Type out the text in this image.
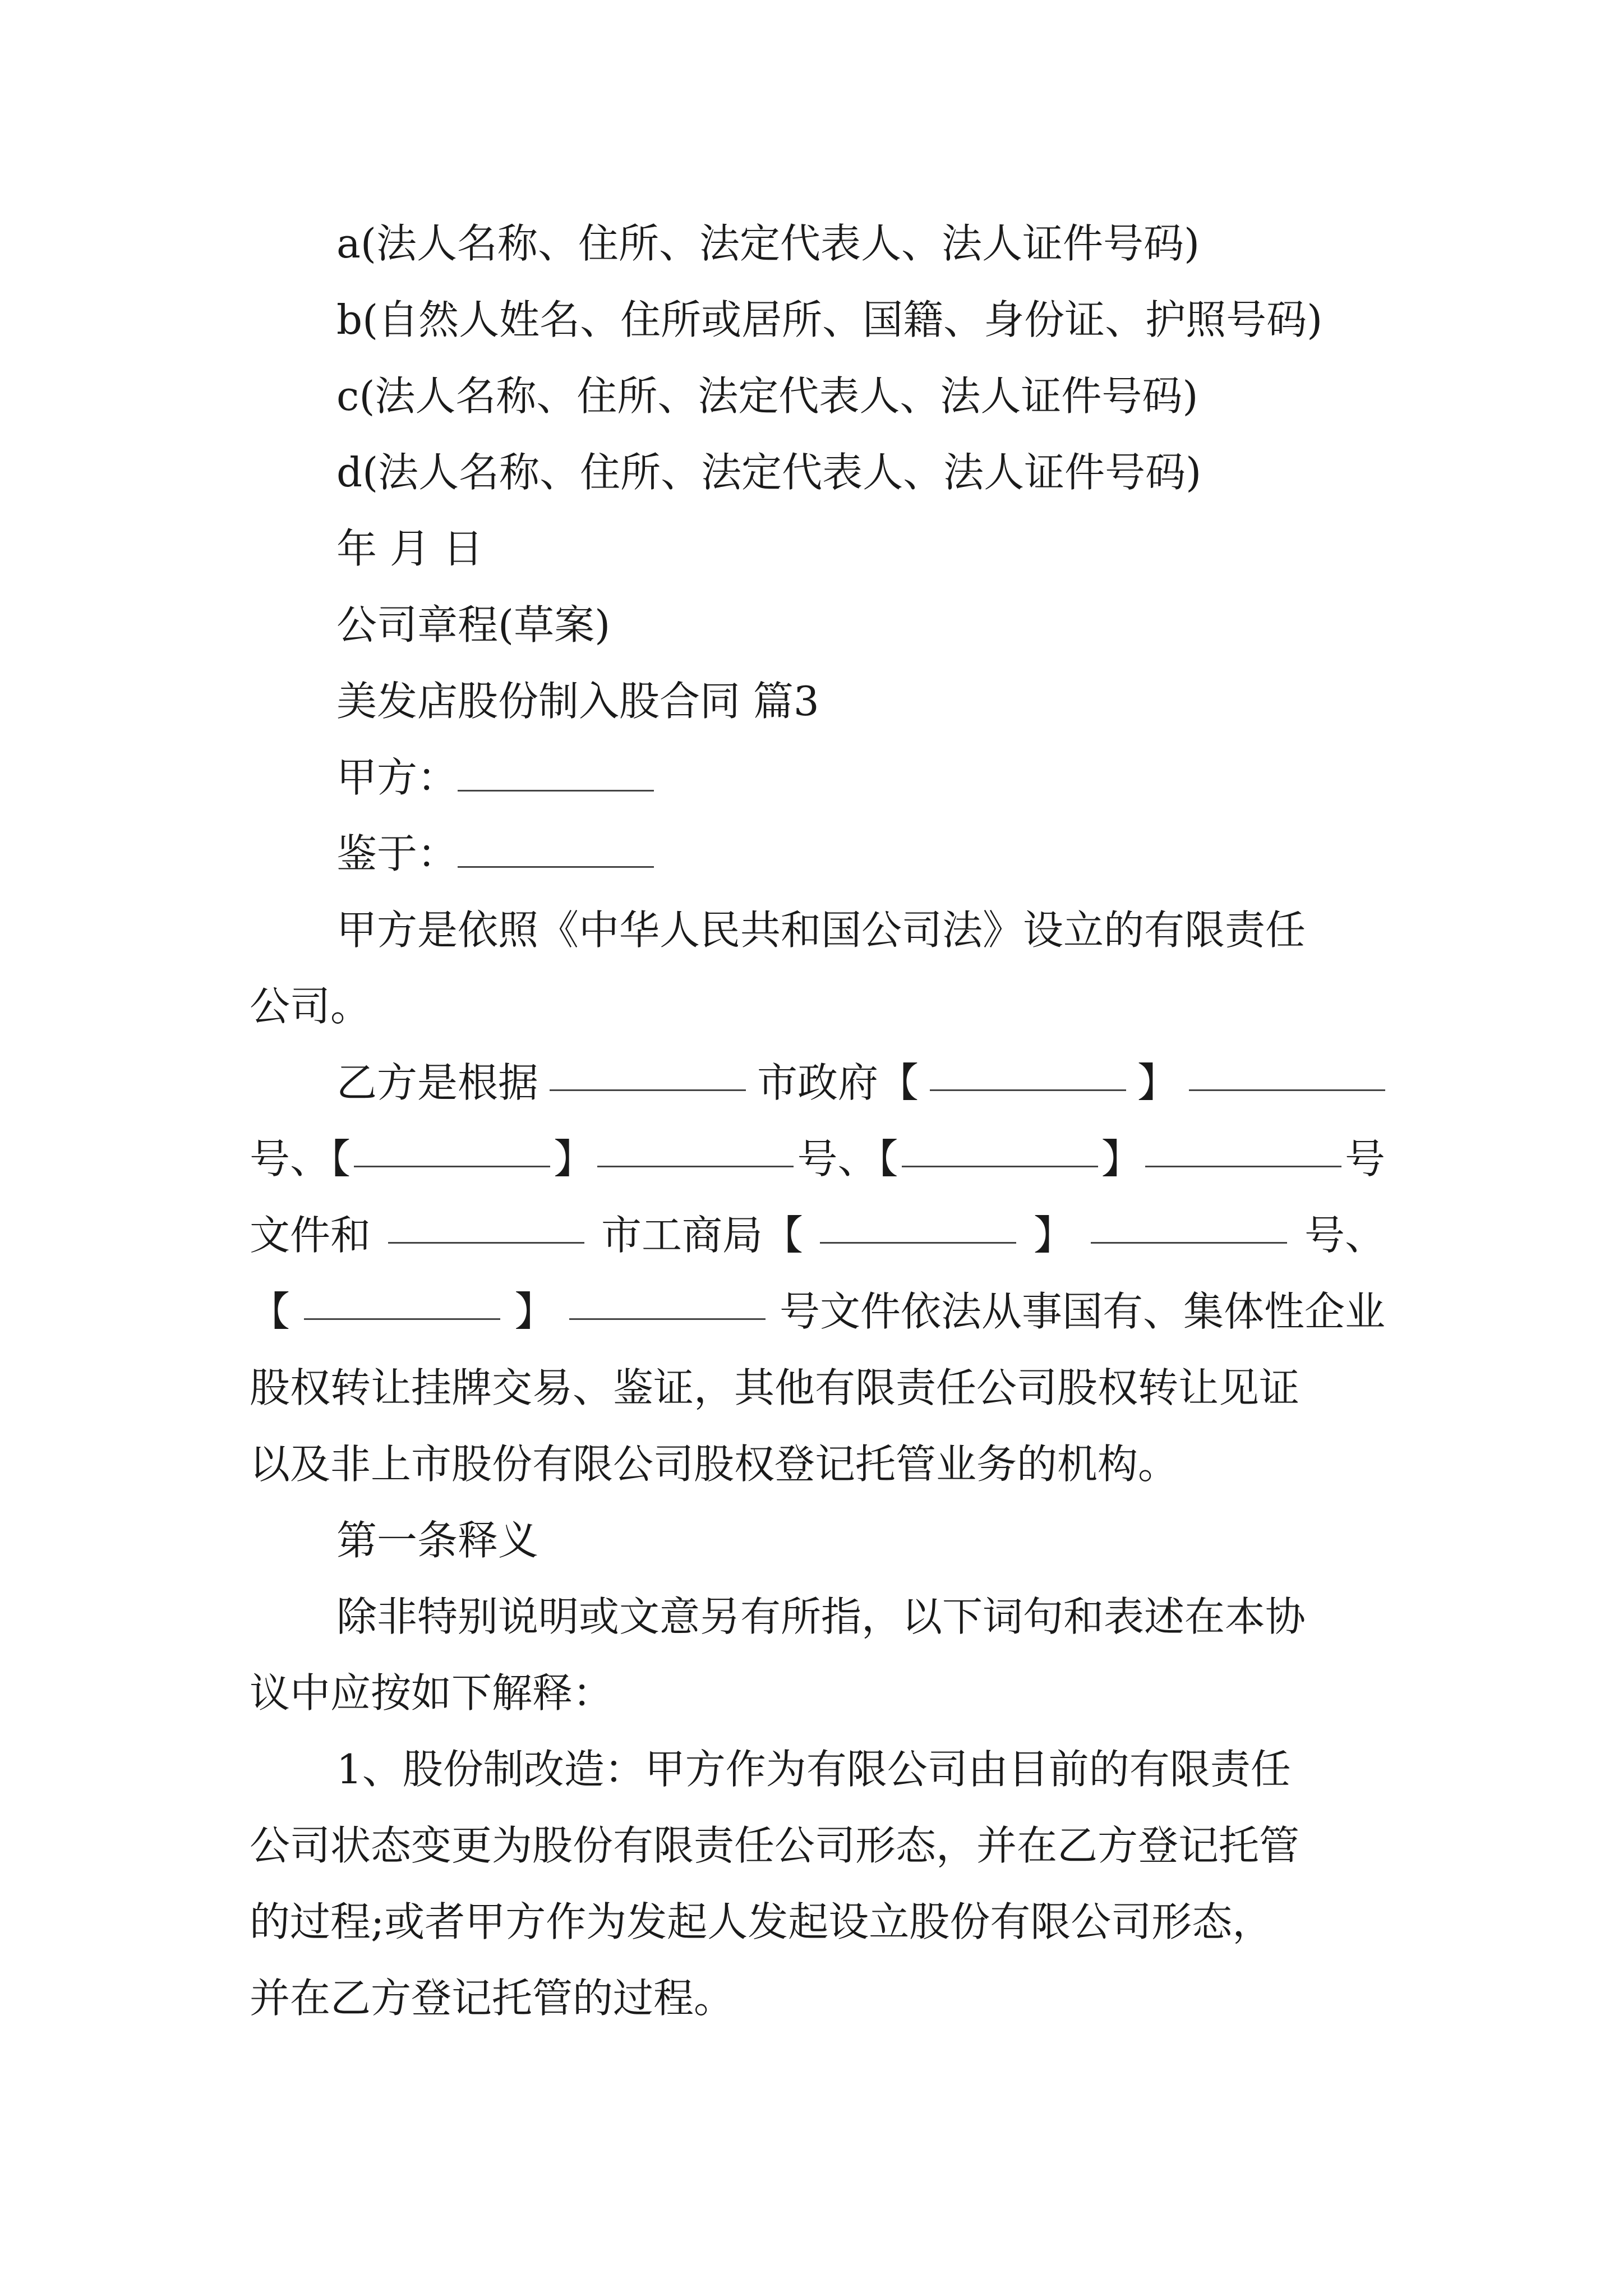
a(法人名称、住所、法定代表人、法人证件号码)
b(自然人姓名、住所或居所、国籍、身份证、护照号码)
c(法人名称、住所、法定代表人、法人证件号码)
d(法人名称、住所、法定代表人、法人证件号码)
年 月 日
公司章程(草案)
美发店股份制入股合同 篇3
甲方：
鉴于：
甲方是依照《中华人民共和国公司法》设立的有限责任
公司。
乙方是根据	市政府【	】
号、【	】	号、【	】	号
文件和	市工商局【	】	号、
【	】	号文件依法从事国有、集体性企业
股权转让挂牌交易、鉴证，其他有限责任公司股权转让见证
以及非上市股份有限公司股权登记托管业务的机构。
第一条释义
除非特别说明或文意另有所指，以下词句和表述在本协
议中应按如下解释：
1、股份制改造：甲方作为有限公司由目前的有限责任
公司状态变更为股份有限责任公司形态，并在乙方登记托管
的过程;或者甲方作为发起人发起设立股份有限公司形态，
并在乙方登记托管的过程。
